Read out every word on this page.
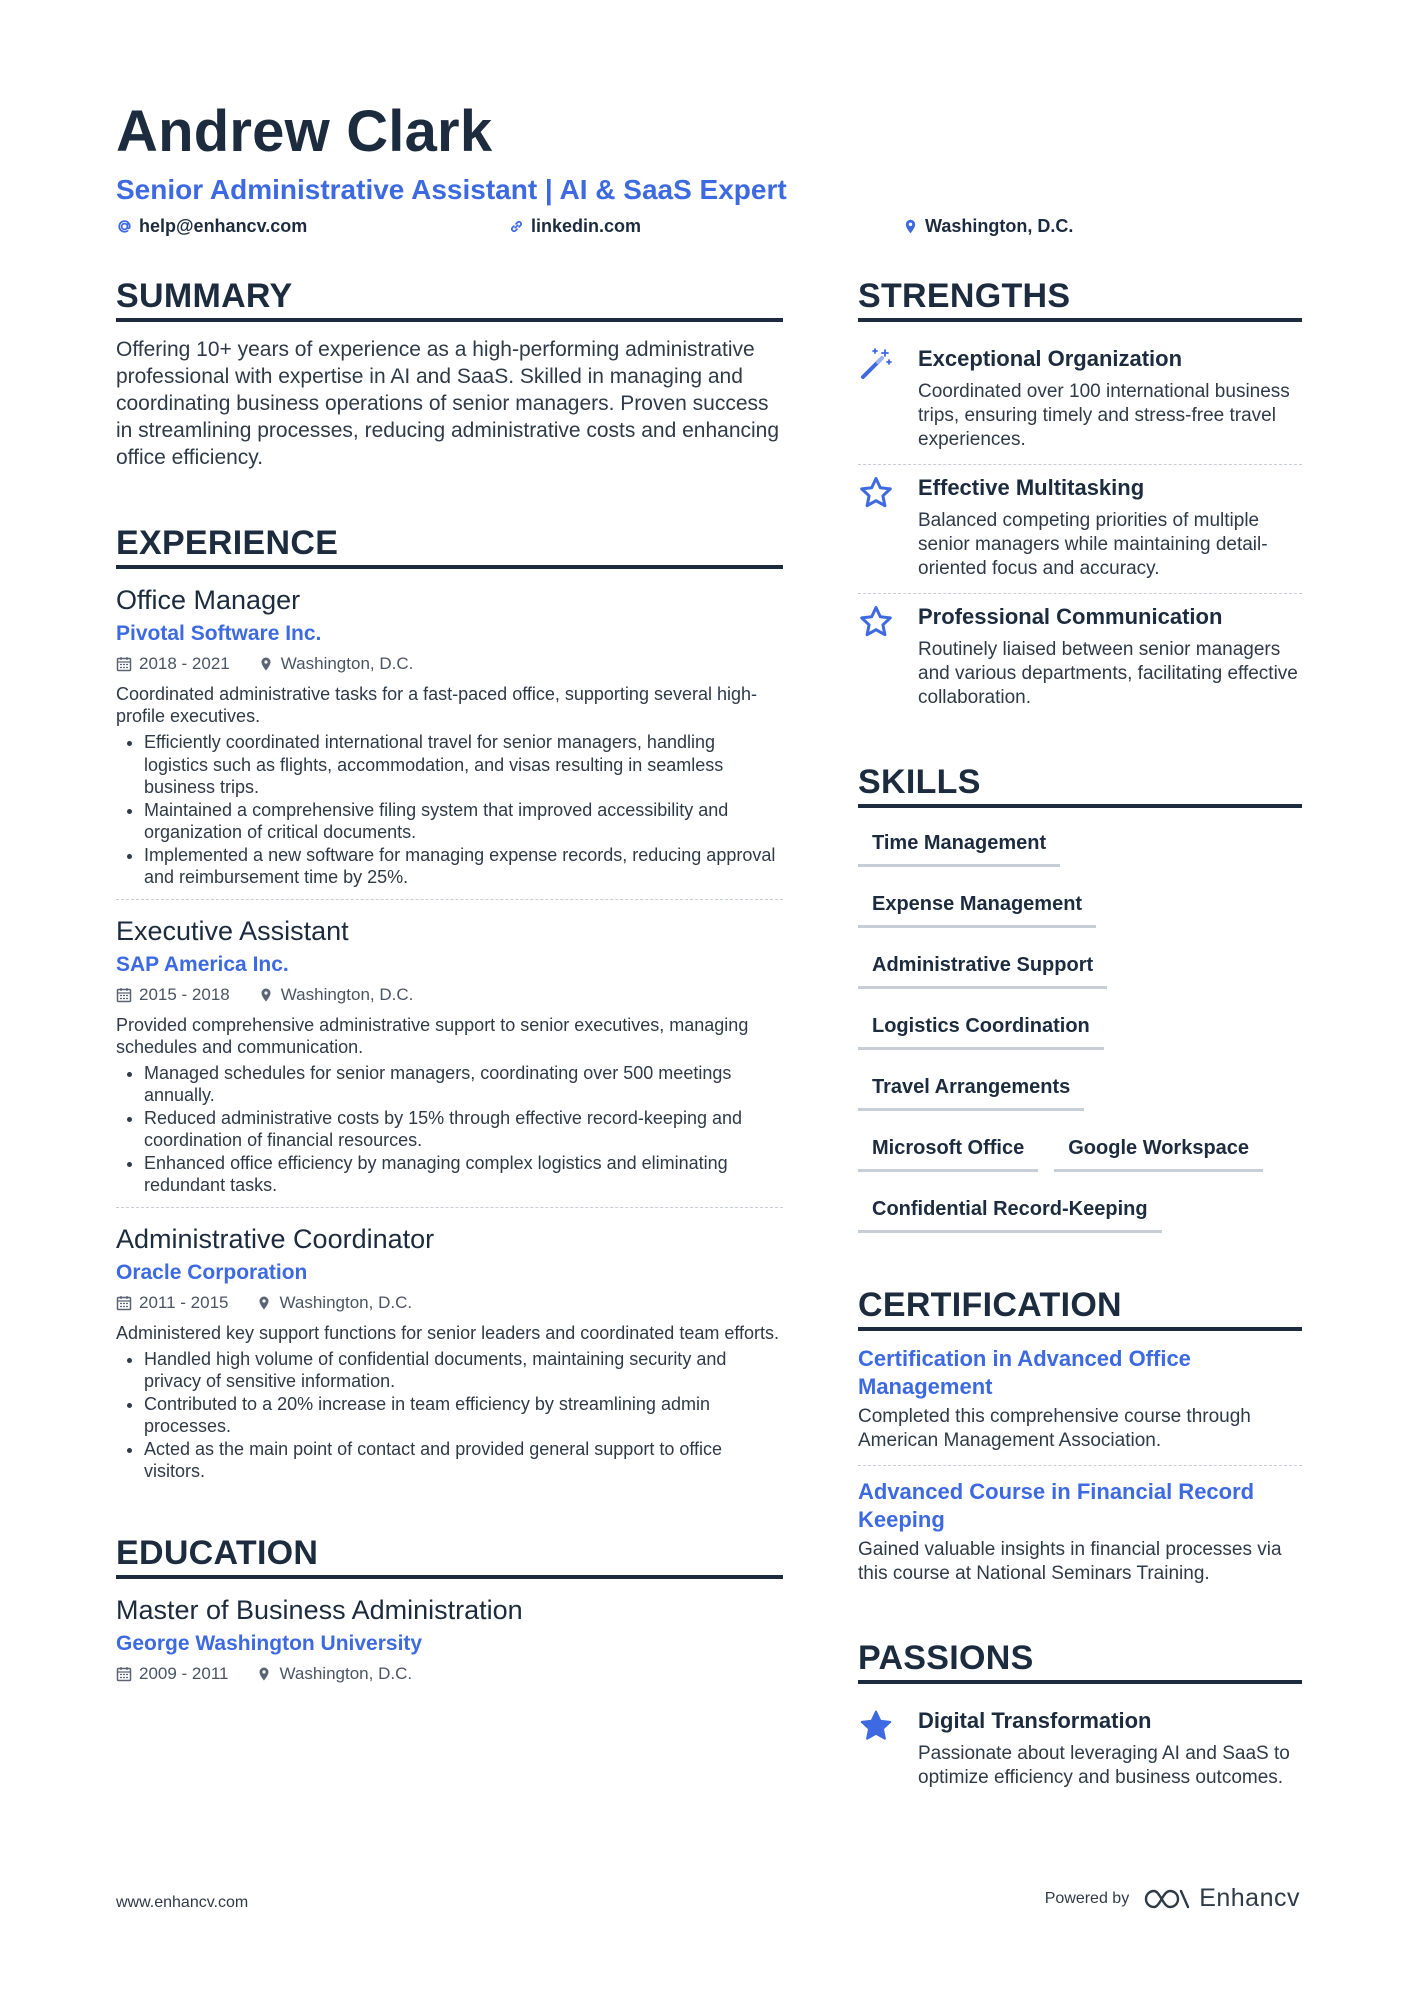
Andrew Clark
Senior Administrative Assistant | AI & SaaS Expert
help@enhancv.com	linkedin.com	Washington, D.C.
SUMMARY
Offering 10+ years of experience as a high-performing administrative professional with expertise in AI and SaaS. Skilled in managing and coordinating business operations of senior managers. Proven success in streamlining processes, reducing administrative costs and enhancing office efficiency.
EXPERIENCE
Office Manager
Pivotal Software Inc.
2018 - 2021	Washington, D.C.
Coordinated administrative tasks for a fast-paced office, supporting several high-profile executives.
• Efficiently coordinated international travel for senior managers, handling logistics such as flights, accommodation, and visas resulting in seamless business trips.
• Maintained a comprehensive filing system that improved accessibility and organization of critical documents.
• Implemented a new software for managing expense records, reducing approval and reimbursement time by 25%.
Executive Assistant
SAP America Inc.
2015 - 2018	Washington, D.C.
Provided comprehensive administrative support to senior executives, managing schedules and communication.
• Managed schedules for senior managers, coordinating over 500 meetings annually.
• Reduced administrative costs by 15% through effective record-keeping and coordination of financial resources.
• Enhanced office efficiency by managing complex logistics and eliminating redundant tasks.
Administrative Coordinator
Oracle Corporation
2011 - 2015	Washington, D.C.
Administered key support functions for senior leaders and coordinated team efforts.
• Handled high volume of confidential documents, maintaining security and privacy of sensitive information.
• Contributed to a 20% increase in team efficiency by streamlining admin processes.
• Acted as the main point of contact and provided general support to office visitors.
EDUCATION
Master of Business Administration
George Washington University
2009 - 2011	Washington, D.C.
STRENGTHS
Exceptional Organization
Coordinated over 100 international business trips, ensuring timely and stress-free travel experiences.
Effective Multitasking
Balanced competing priorities of multiple senior managers while maintaining detail-oriented focus and accuracy.
Professional Communication
Routinely liaised between senior managers and various departments, facilitating effective collaboration.
SKILLS
Time Management
Expense Management
Administrative Support
Logistics Coordination
Travel Arrangements
Microsoft Office	Google Workspace
Confidential Record-Keeping
CERTIFICATION
Certification in Advanced Office Management
Completed this comprehensive course through American Management Association.
Advanced Course in Financial Record Keeping
Gained valuable insights in financial processes via this course at National Seminars Training.
PASSIONS
Digital Transformation
Passionate about leveraging AI and SaaS to optimize efficiency and business outcomes.
www.enhancv.com	Powered by	Enhancv
